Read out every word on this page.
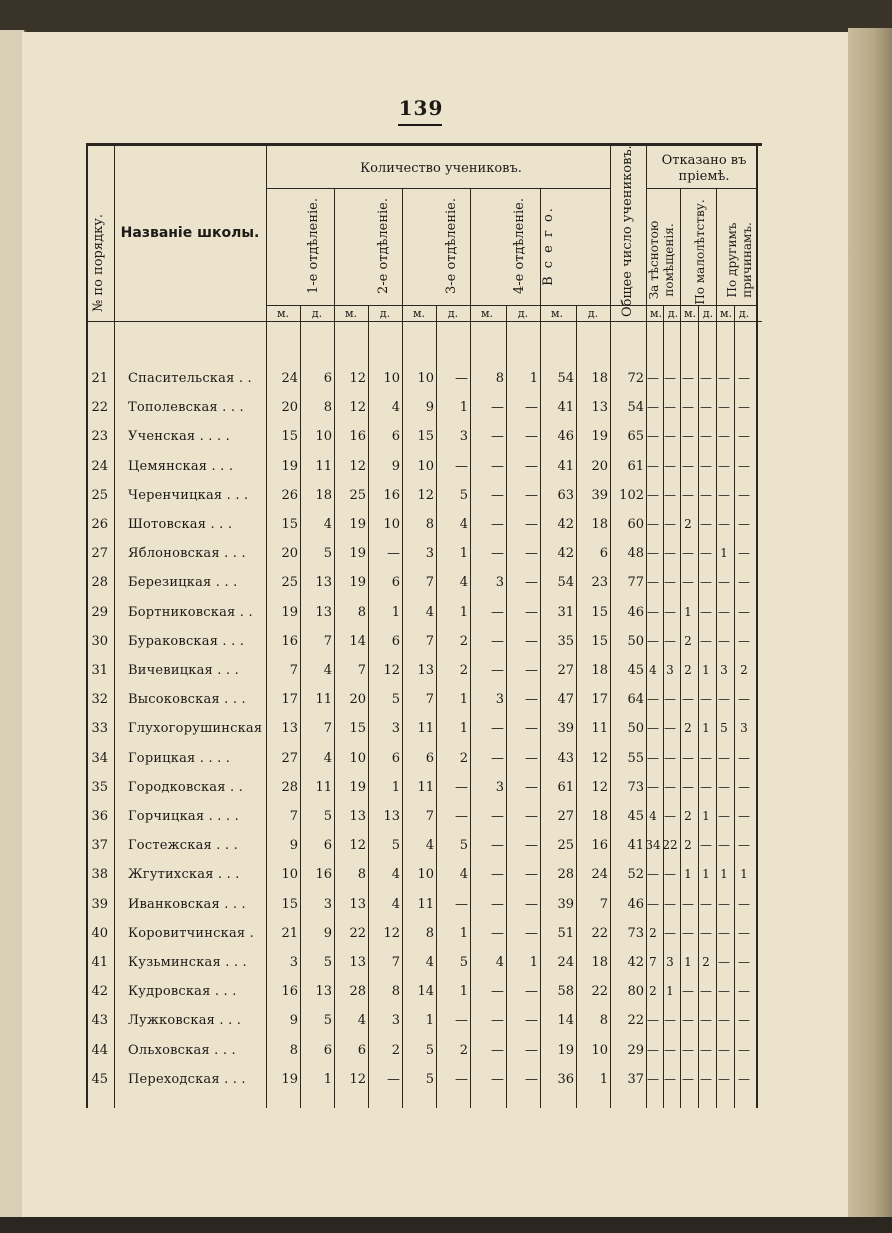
139
№ по порядку.	Названіе школы.
Количество учениковъ.
1-е отдѣленіе.	2-е отдѣленіе.	3-е отдѣленіе.	4-е отдѣленіе. В с е г о.	Общее число учениковъ.	Отказано въ пріемѣ.
За тѣснотою помѣщенія.	По малолѣтству.	По другимъ причинамъ.
м.	д.	м.	д.	м.	д.	м.	д.	м.	д.	м. д. м. д. м. д.
21 Спасительская . .	24	6	12	10	10	—	8	1	54	18	72 — — — — — —
22 Тополевская . . .	20	8	12	4	9	1	—	—	41	13	54 — — — — — —
23 Ученская . . . .	15	10	16	6	15	3	—	—	46	19	65 — — — — — —
24 Цемянская . . .	19	11	12	9	10	—	—	—	41	20	61 — — — — — —
25 Черенчицкая . . .	26	18	25	16	12	5	—	—	63	39 102 — — — — — —
26 Шотовская . . .	15	4	19	10	8	4	—	—	42	18	60 — — 2 — — —
27 Яблоновская . . .	20	5	19	—	3	1	—	—	42	6	48 — — — — 1 —
28 Березицкая . . .	25	13	19	6	7	4	3	—	54	23	77 — — — — — —
29 Бортниковская . .	19	13	8	1	4	1	—	—	31	15	46 — — 1 — — —
30 Бураковская . . .	16	7	14	6	7	2	—	—	35	15	50 — — 2 — — —
31 Вичевицкая . . .	7	4	7	12	13	2	—	—	27	18	45 4 3 2 1 3	2
32 Высоковская . . .	17	11	20	5	7	1	3	—	47	17	64 — — — — — —
33 Глухогорушинская	13	7	15	3	11	1	—	—	39	11	50 — — 2 1 5	3
34 Горицкая . . . .	27	4	10	6	6	2	—	—	43	12	55 — — — — — —
35 Городковская . .	28	11	19	1	11	—	3	—	61	12	73 — — — — — —
36 Горчицкая . . . .	7	5	13	13	7	—	—	—	27	18	45 4 — 2 1 — —
37 Гостежская . . .	9	6	12	5	4	5	—	—	25	16	41 34 22 2 — — —
38 Жгутихская . . .	10	16	8	4	10	4	—	—	28	24	52 — — 1 1 1	1
39 Иванковская . . .	15	3	13	4	11	—	—	—	39	7	46 — — — — — —
40 Коровитчинская .	21	9	22	12	8	1	—	—	51	22	73 2 — — — — —
41 Кузьминская . . .	3	5	13	7	4	5	4	1	24	18	42 7 3 1 2 — —
42 Кудровская . . .	16	13	28	8	14	1	—	—	58	22	80 2 1 — — — —
43 Лужковская . . .	9	5	4	3	1	—	—	—	14	8	22 — — — — — —
44 Ольховская . . .	8	6	6	2	5	2	—	—	19	10	29 — — — — — —
45 Переходская . . .	19	1	12	—	5	—	—	—	36	1	37 — — — — — —
